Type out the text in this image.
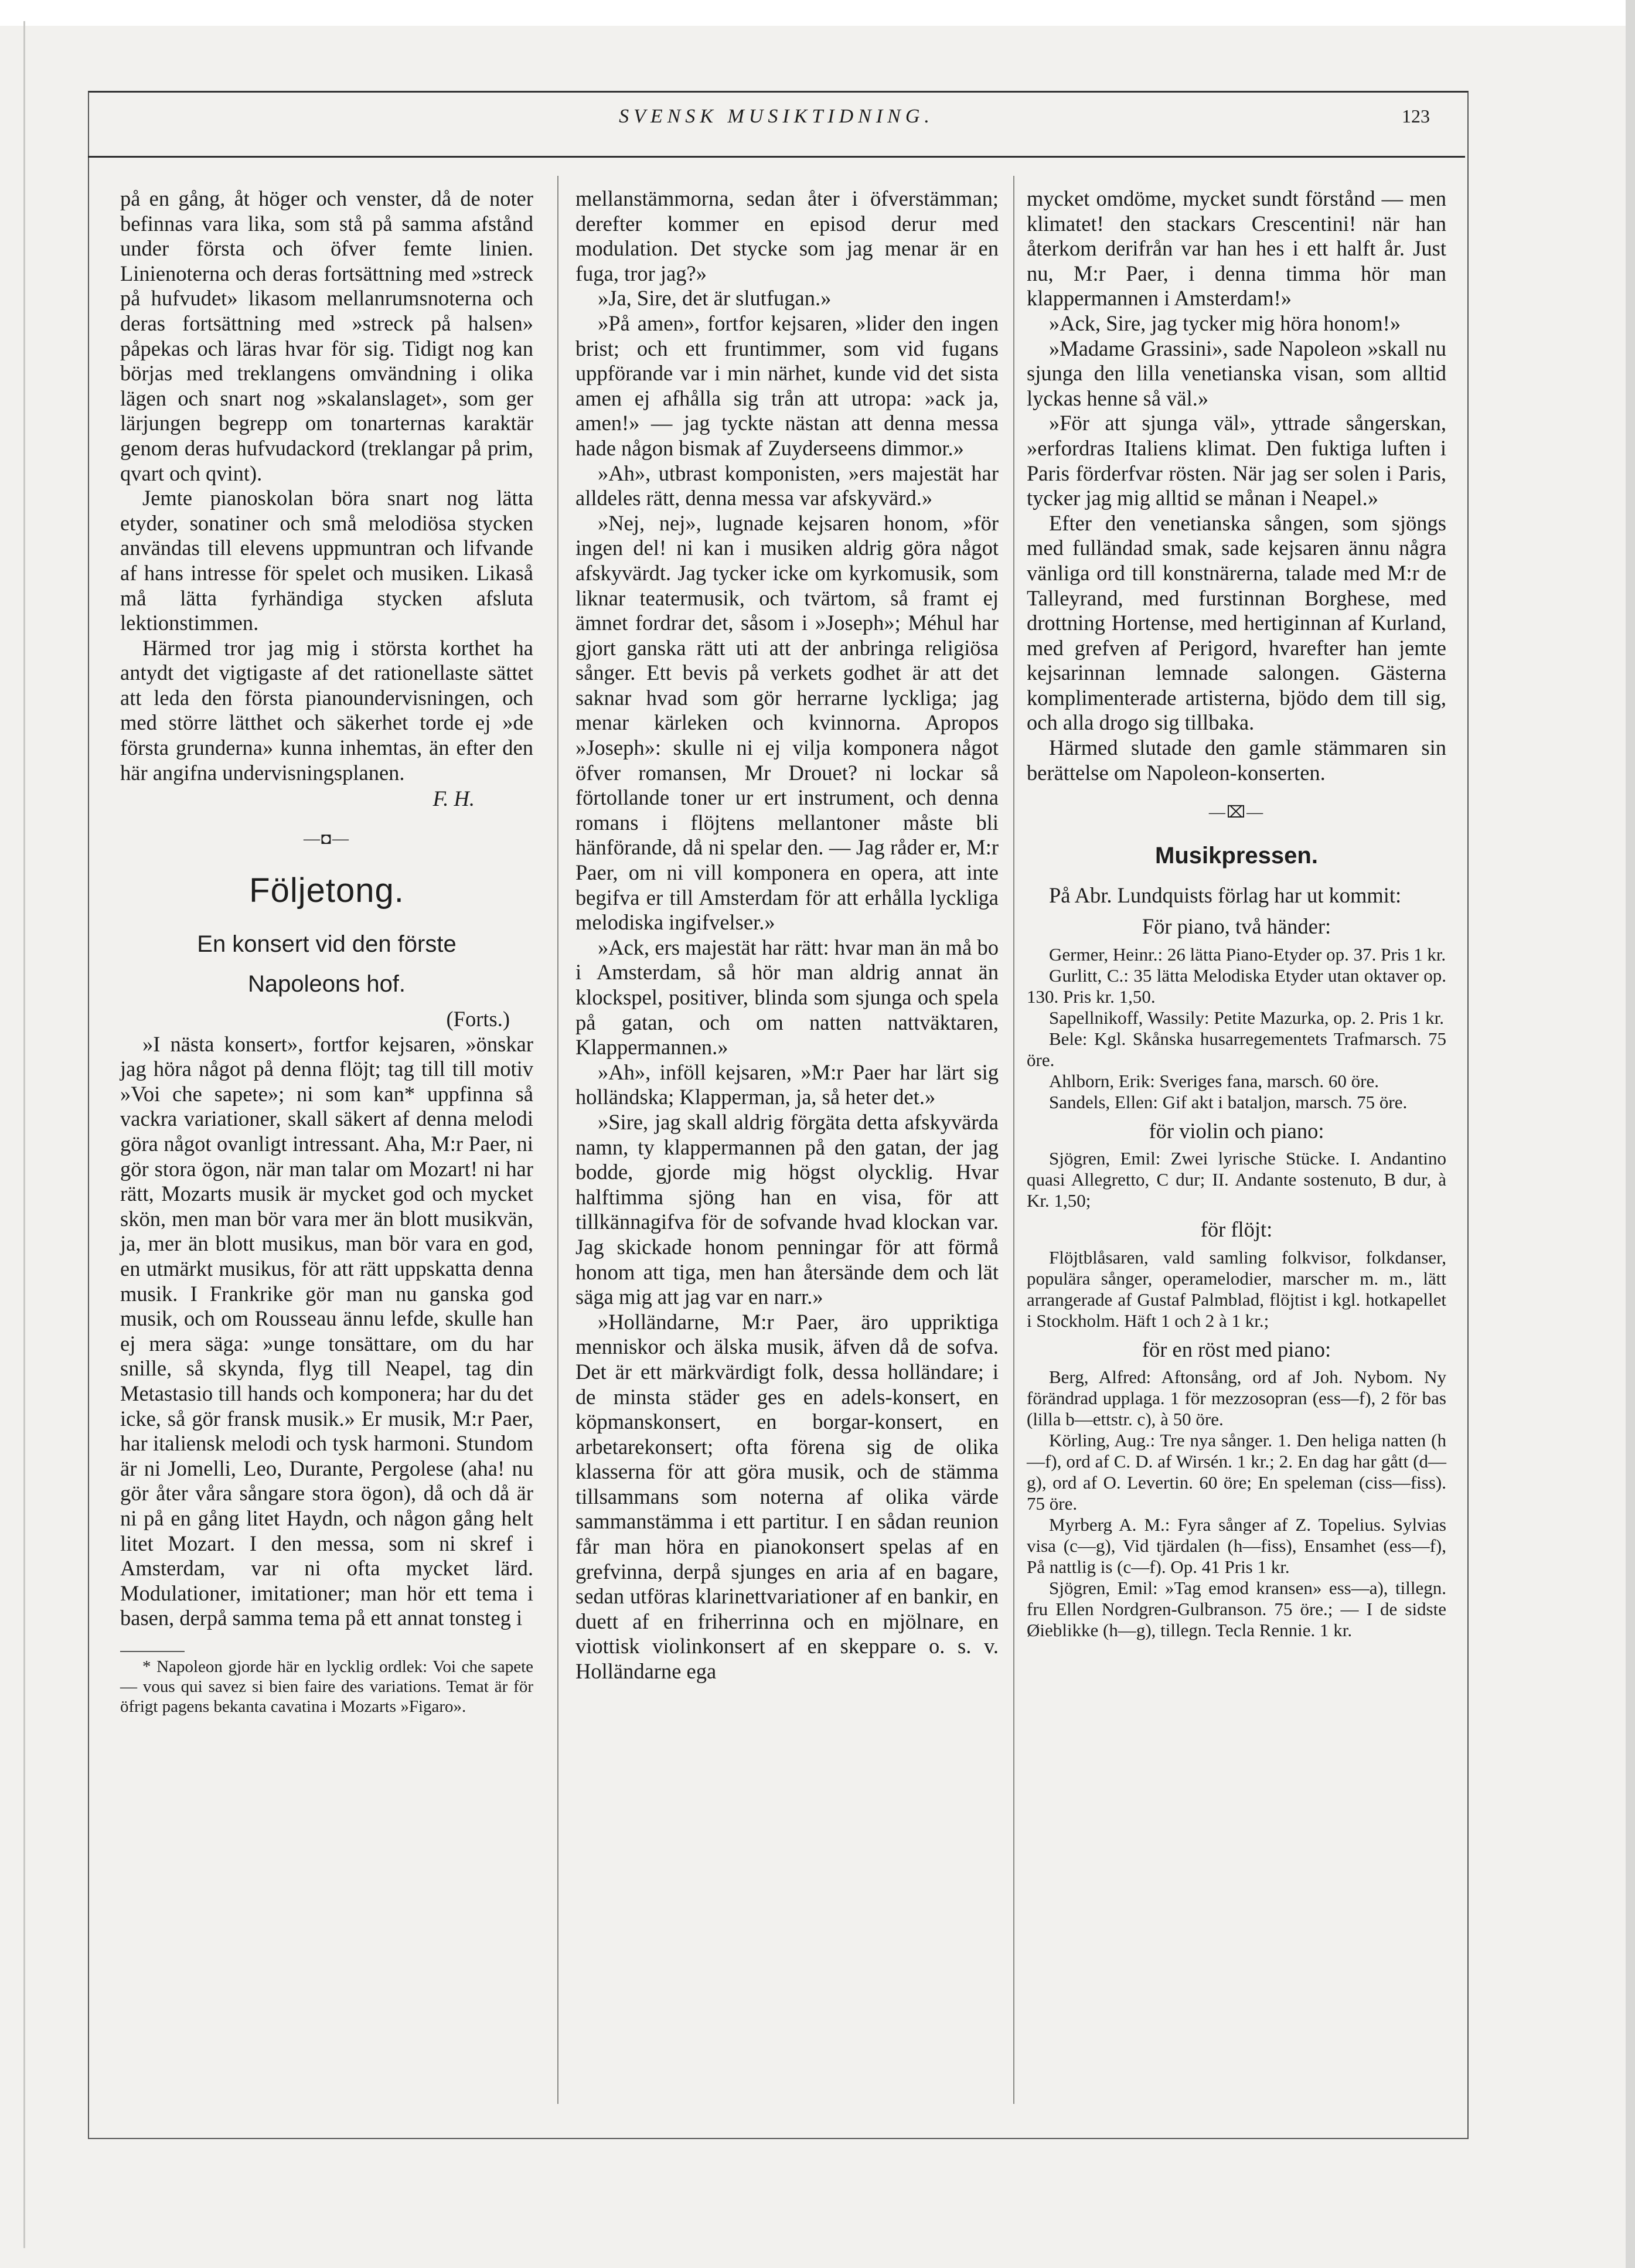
SVENSK MUSIKTIDNING.	123

på en gång, åt höger och venster, då de noter befinnas vara lika, som stå på samma afstånd under första och öfver femte linien. Linienoterna och deras fortsättning med »streck på hufvudet» likasom mellanrumsnoterna och deras fortsättning med »streck på halsen» påpekas och läras hvar för sig. Tidigt nog kan börjas med treklangens omvändning i olika lägen och snart nog »skalanslaget», som ger lärjungen begrepp om tonarternas karaktär genom deras hufvudackord (treklangar på prim, qvart och qvint).

Jemte pianoskolan böra snart nog lätta etyder, sonatiner och små melodiösa stycken användas till elevens uppmuntran och lifvande af hans intresse för spelet och musiken. Likaså må lätta fyrhändiga stycken afsluta lektionstimmen.

Härmed tror jag mig i största korthet ha antydt det vigtigaste af det rationellaste sättet att leda den första pianoundervisningen, och med större lätthet och säkerhet torde ej »de första grunderna» kunna inhemtas, än efter den här angifna undervisningsplanen.

F. H.

—◘—
Följetong.
En konsert vid den förste
Napoleons hof.

(Forts.)

»I nästa konsert», fortfor kejsaren, »önskar jag höra något på denna flöjt; tag till till motiv »Voi che sapete»; ni som kan* uppfinna så vackra variationer, skall säkert af denna melodi göra något ovanligt intressant. Aha, M:r Paer, ni gör stora ögon, när man talar om Mozart! ni har rätt, Mozarts musik är mycket god och mycket skön, men man bör vara mer än blott musikvän, ja, mer än blott musikus, man bör vara en god, en utmärkt musikus, för att rätt uppskatta denna musik. I Frankrike gör man nu ganska god musik, och om Rousseau ännu lefde, skulle han ej mera säga: »unge tonsättare, om du har snille, så skynda, flyg till Neapel, tag din Metastasio till hands och komponera; har du det icke, så gör fransk musik.» Er musik, M:r Paer, har italiensk melodi och tysk harmoni. Stundom är ni Jomelli, Leo, Durante, Pergolese (aha! nu gör åter våra sångare stora ögon), då och då är ni på en gång litet Haydn, och någon gång helt litet Mozart. I den messa, som ni skref i Amsterdam, var ni ofta mycket lärd. Modulationer, imitationer; man hör ett tema i basen, derpå samma tema på ett annat tonsteg i

* Napoleon gjorde här en lycklig ordlek: Voi che sapete — vous qui savez si bien faire des variations. Temat är för öfrigt pagens bekanta cavatina i Mozarts »Figaro».

mellanstämmorna, sedan åter i öfverstämman; derefter kommer en episod derur med modulation. Det stycke som jag menar är en fuga, tror jag?»

»Ja, Sire, det är slutfugan.»

»På amen», fortfor kejsaren, »lider den ingen brist; och ett fruntimmer, som vid fugans uppförande var i min närhet, kunde vid det sista amen ej afhålla sig trån att utropa: »ack ja, amen!» — jag tyckte nästan att denna messa hade någon bismak af Zuyderseens dimmor.»

»Ah», utbrast komponisten, »ers majestät har alldeles rätt, denna messa var afskyvärd.»

»Nej, nej», lugnade kejsaren honom, »för ingen del! ni kan i musiken aldrig göra något afskyvärdt. Jag tycker icke om kyrkomusik, som liknar teatermusik, och tvärtom, så framt ej ämnet fordrar det, såsom i »Joseph»; Méhul har gjort ganska rätt uti att der anbringa religiösa sånger. Ett bevis på verkets godhet är att det saknar hvad som gör herrarne lyckliga; jag menar kärleken och kvinnorna. Apropos »Joseph»: skulle ni ej vilja komponera något öfver romansen, Mr Drouet? ni lockar så förtollande toner ur ert instrument, och denna romans i flöjtens mellantoner måste bli hänförande, då ni spelar den. — Jag råder er, M:r Paer, om ni vill komponera en opera, att inte begifva er till Amsterdam för att erhålla lyckliga melodiska ingifvelser.»

»Ack, ers majestät har rätt: hvar man än må bo i Amsterdam, så hör man aldrig annat än klockspel, positiver, blinda som sjunga och spela på gatan, och om natten nattväktaren, Klappermannen.»

»Ah», inföll kejsaren, »M:r Paer har lärt sig holländska; Klapperman, ja, så heter det.»

»Sire, jag skall aldrig förgäta detta afskyvärda namn, ty klappermannen på den gatan, der jag bodde, gjorde mig högst olycklig. Hvar halftimma sjöng han en visa, för att tillkännagifva för de sofvande hvad klockan var. Jag skickade honom penningar för att förmå honom att tiga, men han återsände dem och lät säga mig att jag var en narr.»

»Holländarne, M:r Paer, äro uppriktiga menniskor och älska musik, äfven då de sofva. Det är ett märkvärdigt folk, dessa holländare; i de minsta städer ges en adels-konsert, en köpmanskonsert, en borgar-konsert, en arbetarekonsert; ofta förena sig de olika klasserna för att göra musik, och de stämma tillsammans som noterna af olika värde sammanstämma i ett partitur. I en sådan reunion får man höra en pianokonsert spelas af en grefvinna, derpå sjunges en aria af en bagare, sedan utföras klarinettvariationer af en bankir, en duett af en friherrinna och en mjölnare, en viottisk violinkonsert af en skeppare o. s. v. Holländarne ega

mycket omdöme, mycket sundt förstånd — men klimatet! den stackars Crescentini! när han återkom derifrån var han hes i ett halft år. Just nu, M:r Paer, i denna timma hör man klappermannen i Amsterdam!»

»Ack, Sire, jag tycker mig höra honom!»

»Madame Grassini», sade Napoleon »skall nu sjunga den lilla venetianska visan, som alltid lyckas henne så väl.»

»För att sjunga väl», yttrade sångerskan, »erfordras Italiens klimat. Den fuktiga luften i Paris förderfvar rösten. När jag ser solen i Paris, tycker jag mig alltid se månan i Neapel.»

Efter den venetianska sången, som sjöngs med fulländad smak, sade kejsaren ännu några vänliga ord till konstnärerna, talade med M:r de Talleyrand, med furstinnan Borghese, med drottning Hortense, med hertiginnan af Kurland, med grefven af Perigord, hvarefter han jemte kejsarinnan lemnade salongen. Gästerna komplimenterade artisterna, bjödo dem till sig, och alla drogo sig tillbaka.

Härmed slutade den gamle stämmaren sin berättelse om Napoleon-konserten.

—⌧—
Musikpressen.

På Abr. Lundquists förlag har ut kommit:

För piano, två händer:

Germer, Heinr.: 26 lätta Piano-Etyder op. 37. Pris 1 kr.

Gurlitt, C.: 35 lätta Melodiska Etyder utan oktaver op. 130. Pris kr. 1,50.

Sapellnikoff, Wassily: Petite Mazurka, op. 2. Pris 1 kr.

Bele: Kgl. Skånska husarregementets Trafmarsch. 75 öre.

Ahlborn, Erik: Sveriges fana, marsch. 60 öre.

Sandels, Ellen: Gif akt i bataljon, marsch. 75 öre.

för violin och piano:

Sjögren, Emil: Zwei lyrische Stücke. I. Andantino quasi Allegretto, C dur; II. Andante sostenuto, B dur, à Kr. 1,50;

för flöjt:

Flöjtblåsaren, vald samling folkvisor, folkdanser, populära sånger, operamelodier, marscher m. m., lätt arrangerade af Gustaf Palmblad, flöjtist i kgl. hotkapellet i Stockholm. Häft 1 och 2 à 1 kr.;

för en röst med piano:

Berg, Alfred: Aftonsång, ord af Joh. Nybom. Ny förändrad upplaga. 1 för mezzosopran (ess—f), 2 för bas (lilla b—ettstr. c), à 50 öre.

Körling, Aug.: Tre nya sånger. 1. Den heliga natten (h—f), ord af C. D. af Wirsén. 1 kr.; 2. En dag har gått (d—g), ord af O. Levertin. 60 öre; En speleman (ciss—fiss). 75 öre.

Myrberg A. M.: Fyra sånger af Z. Topelius. Sylvias visa (c—g), Vid tjärdalen (h—fiss), Ensamhet (ess—f), På nattlig is (c—f). Op. 41 Pris 1 kr.

Sjögren, Emil: »Tag emod kransen» ess—a), tillegn. fru Ellen Nordgren-Gulbranson. 75 öre.; — I de sidste Øieblikke (h—g), tillegn. Tecla Rennie. 1 kr.
